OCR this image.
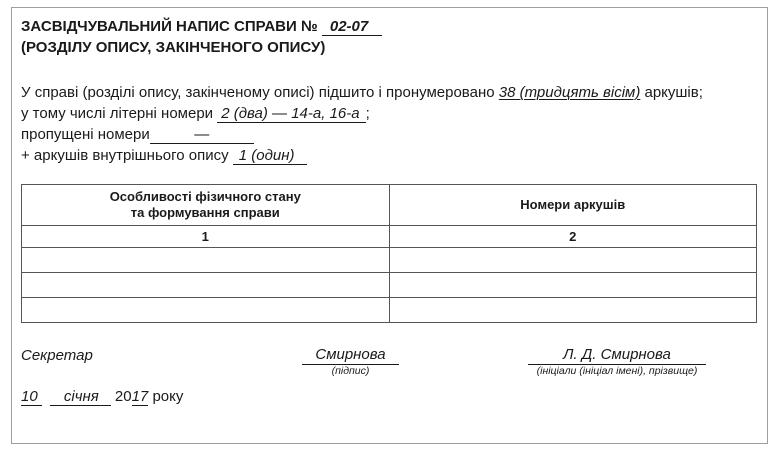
ЗАСВІДЧУВАЛЬНИЙ НАПИС СПРАВИ № 02-07
(РОЗДІЛУ ОПИСУ, ЗАКІНЧЕНОГО ОПИСУ)
У справі (розділі опису, закінченому описі) підшито і пронумеровано 38 (тридцять вісім) аркушів;
у тому числі літерні номери 2 (два) — 14-а, 16-а ;
пропущені номери	—
+ аркушів внутрішнього опису 1 (один)
Особливості фізичного стану
та формування справи	Номери аркушів
1	2

Секретар	Смирнова
(підпис)
Л. Д. Смирнова
(ініціали (ініціал імені), прізвище)
10 січня 2017 року
